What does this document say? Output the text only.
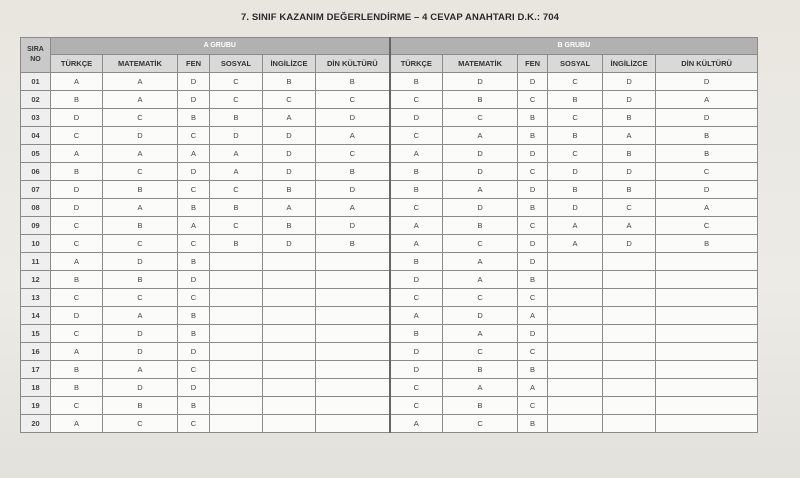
7. SINIF KAZANIM DEĞERLENDİRME – 4 CEVAP ANAHTARI D.K.: 704
SIRA
NO	A GRUBU						B GRUBU					
	TÜRKÇE	MATEMATİK	FEN	SOSYAL	İNGİLİZCE	DİN KÜLTÜRÜ	TÜRKÇE	MATEMATİK	FEN	SOSYAL	İNGİLİZCE	DİN KÜLTÜRÜ
01	A	A	D	C	B	B	B	D	D	C	D	D
02	B	A	D	C	C	C	C	B	C	B	D	A
03	D	C	B	B	A	D	D	C	B	C	B	D
04	C	D	C	D	D	A	C	A	B	B	A	B
05	A	A	A	A	D	C	A	D	D	C	B	B
06	B	C	D	A	D	B	B	D	C	D	D	C
07	D	B	C	C	B	D	B	A	D	B	B	D
08	D	A	B	B	A	A	C	D	B	D	C	A
09	C	B	A	C	B	D	A	B	C	A	A	C
10	C	C	C	B	D	B	A	C	D	A	D	B
11	A	D	B				B	A	D			
12	B	B	D				D	A	B			
13	C	C	C				C	C	C			
14	D	A	B				A	D	A			
15	C	D	B				B	A	D			
16	A	D	D				D	C	C			
17	B	A	C				D	B	B			
18	B	D	D				C	A	A			
19	C	B	B				C	B	C			
20	A	C	C				A	C	B			
